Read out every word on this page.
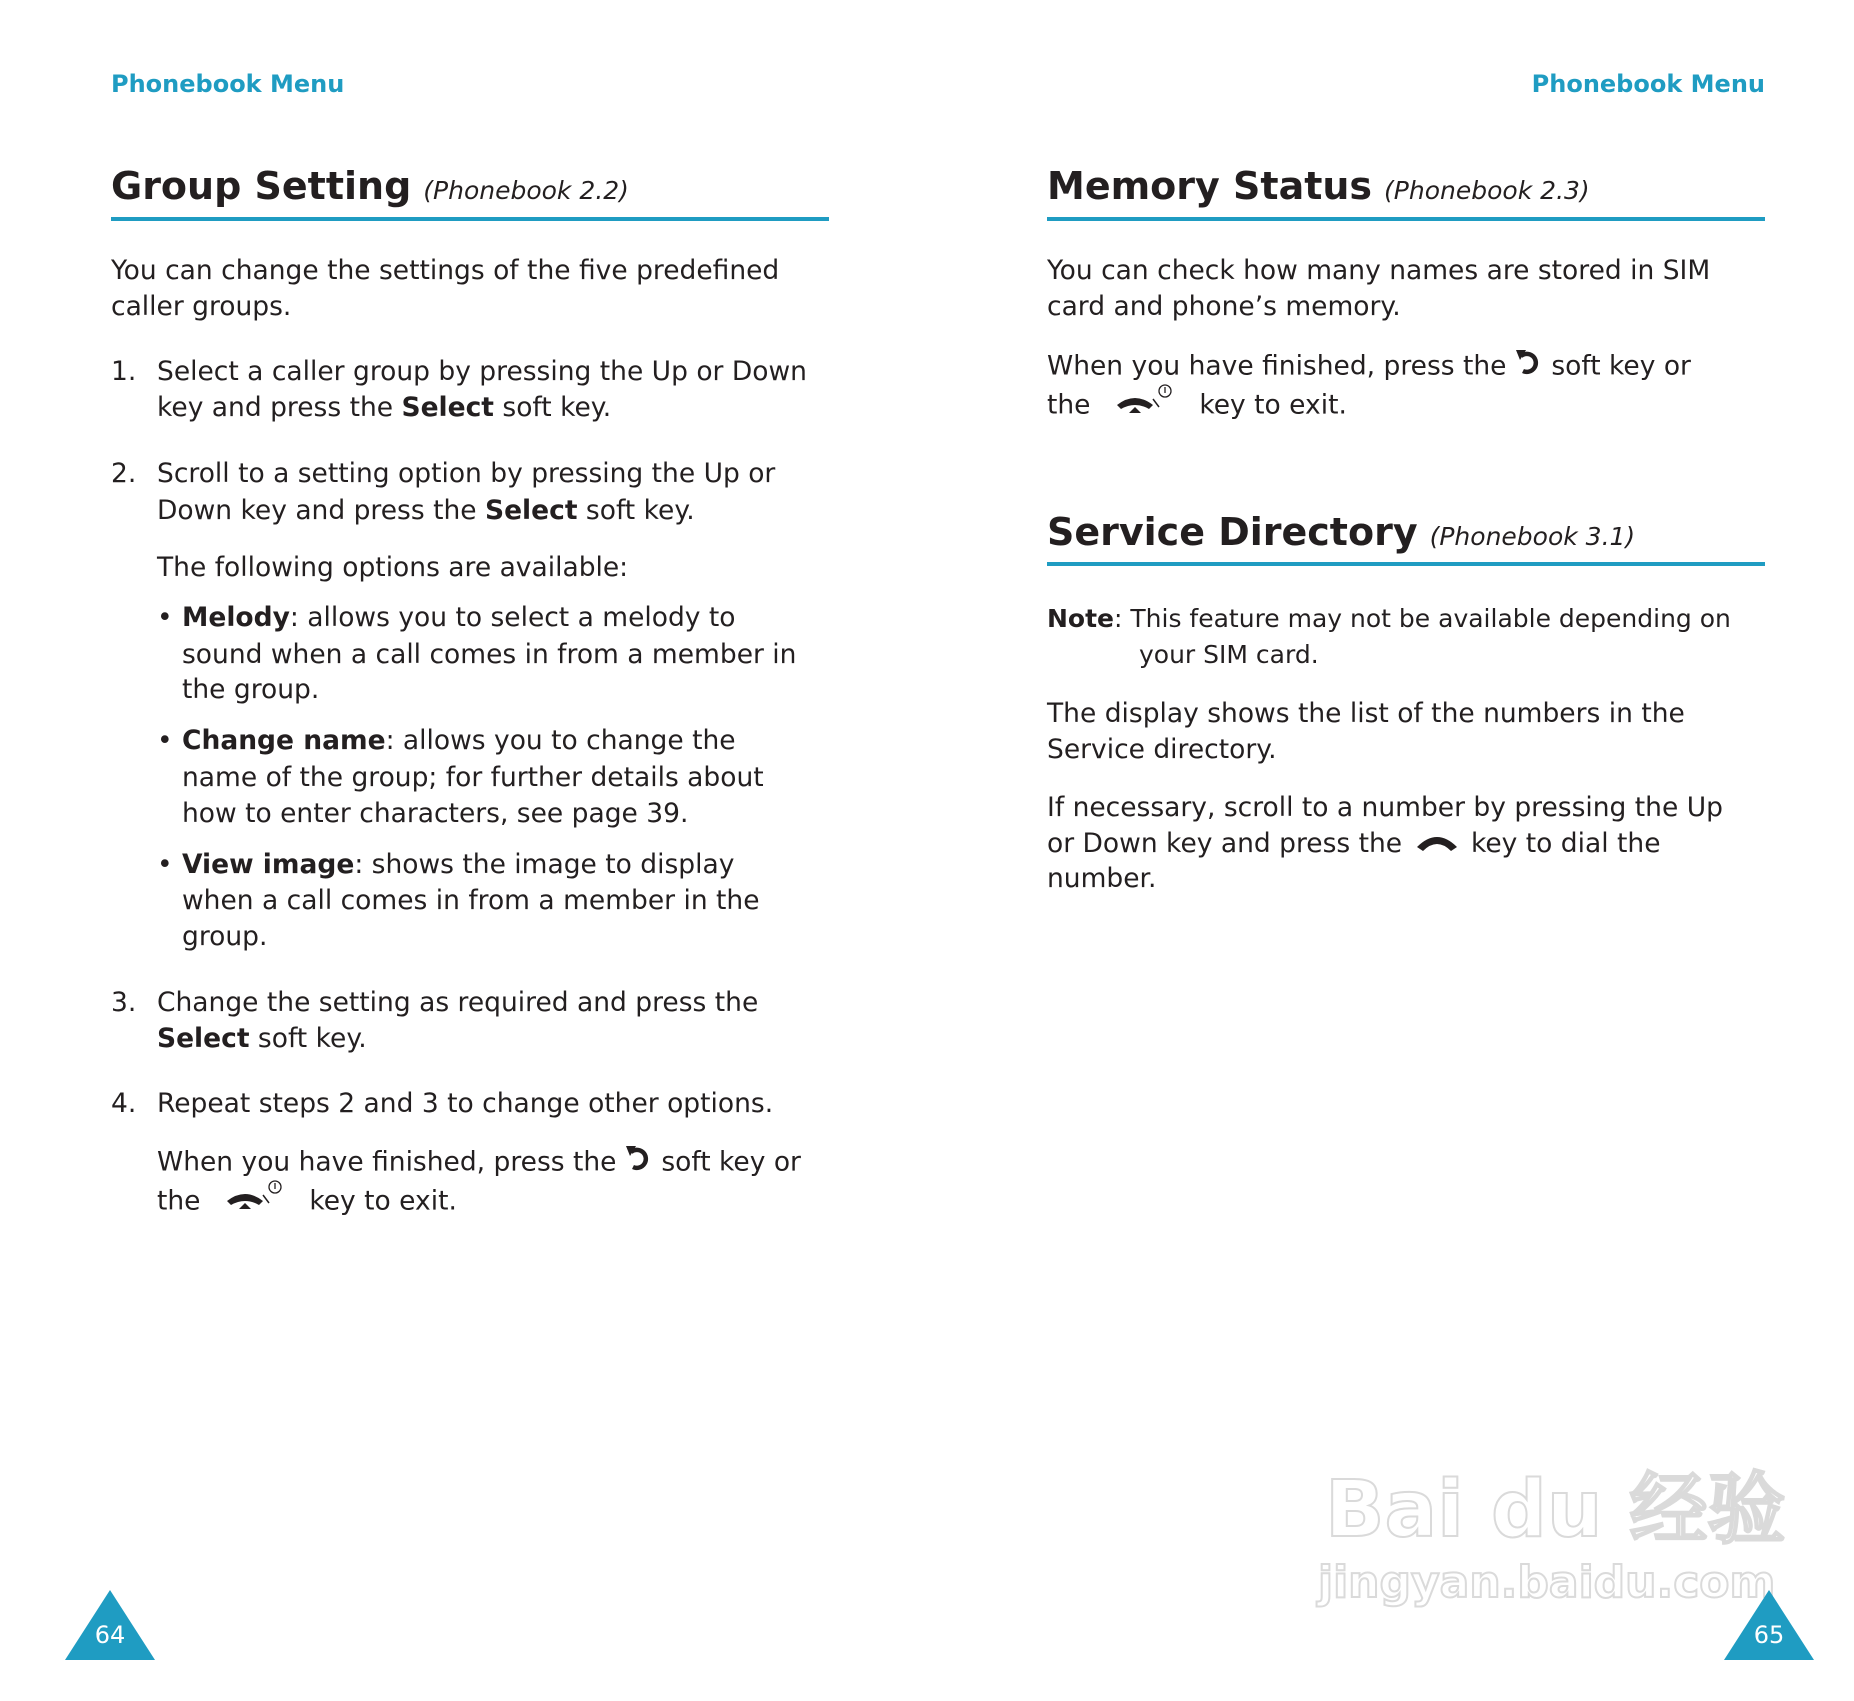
Phonebook Menu	Phonebook Menu
Group Setting (Phonebook 2.2)
You can change the settings of the five predefined
caller groups.
1. Select a caller group by pressing the Up or Down
key and press the Select soft key.
2. Scroll to a setting option by pressing the Up or
Down key and press the Select soft key.
The following options are available:
• Melody: allows you to select a melody to
sound when a call comes in from a member in
the group.
• Change name: allows you to change the
name of the group; for further details about
how to enter characters, see page 39.
• View image: shows the image to display
when a call comes in from a member in the
group.
3. Change the setting as required and press the
Select soft key.
4. Repeat steps 2 and 3 to change other options.
When you have finished, press the  soft key or
the	key to exit.
64
Memory Status (Phonebook 2.3)
You can check how many names are stored in SIM
card and phone’s memory.
When you have finished, press the  soft key or
the	key to exit.
Service Directory (Phonebook 3.1)
Note: This feature may not be available depending on
your SIM card.
The display shows the list of the numbers in the
Service directory.
If necessary, scroll to a number by pressing the Up
or Down key and press the  key to dial the
number.
Bai du 经验
jingyan.baidu.com
65
